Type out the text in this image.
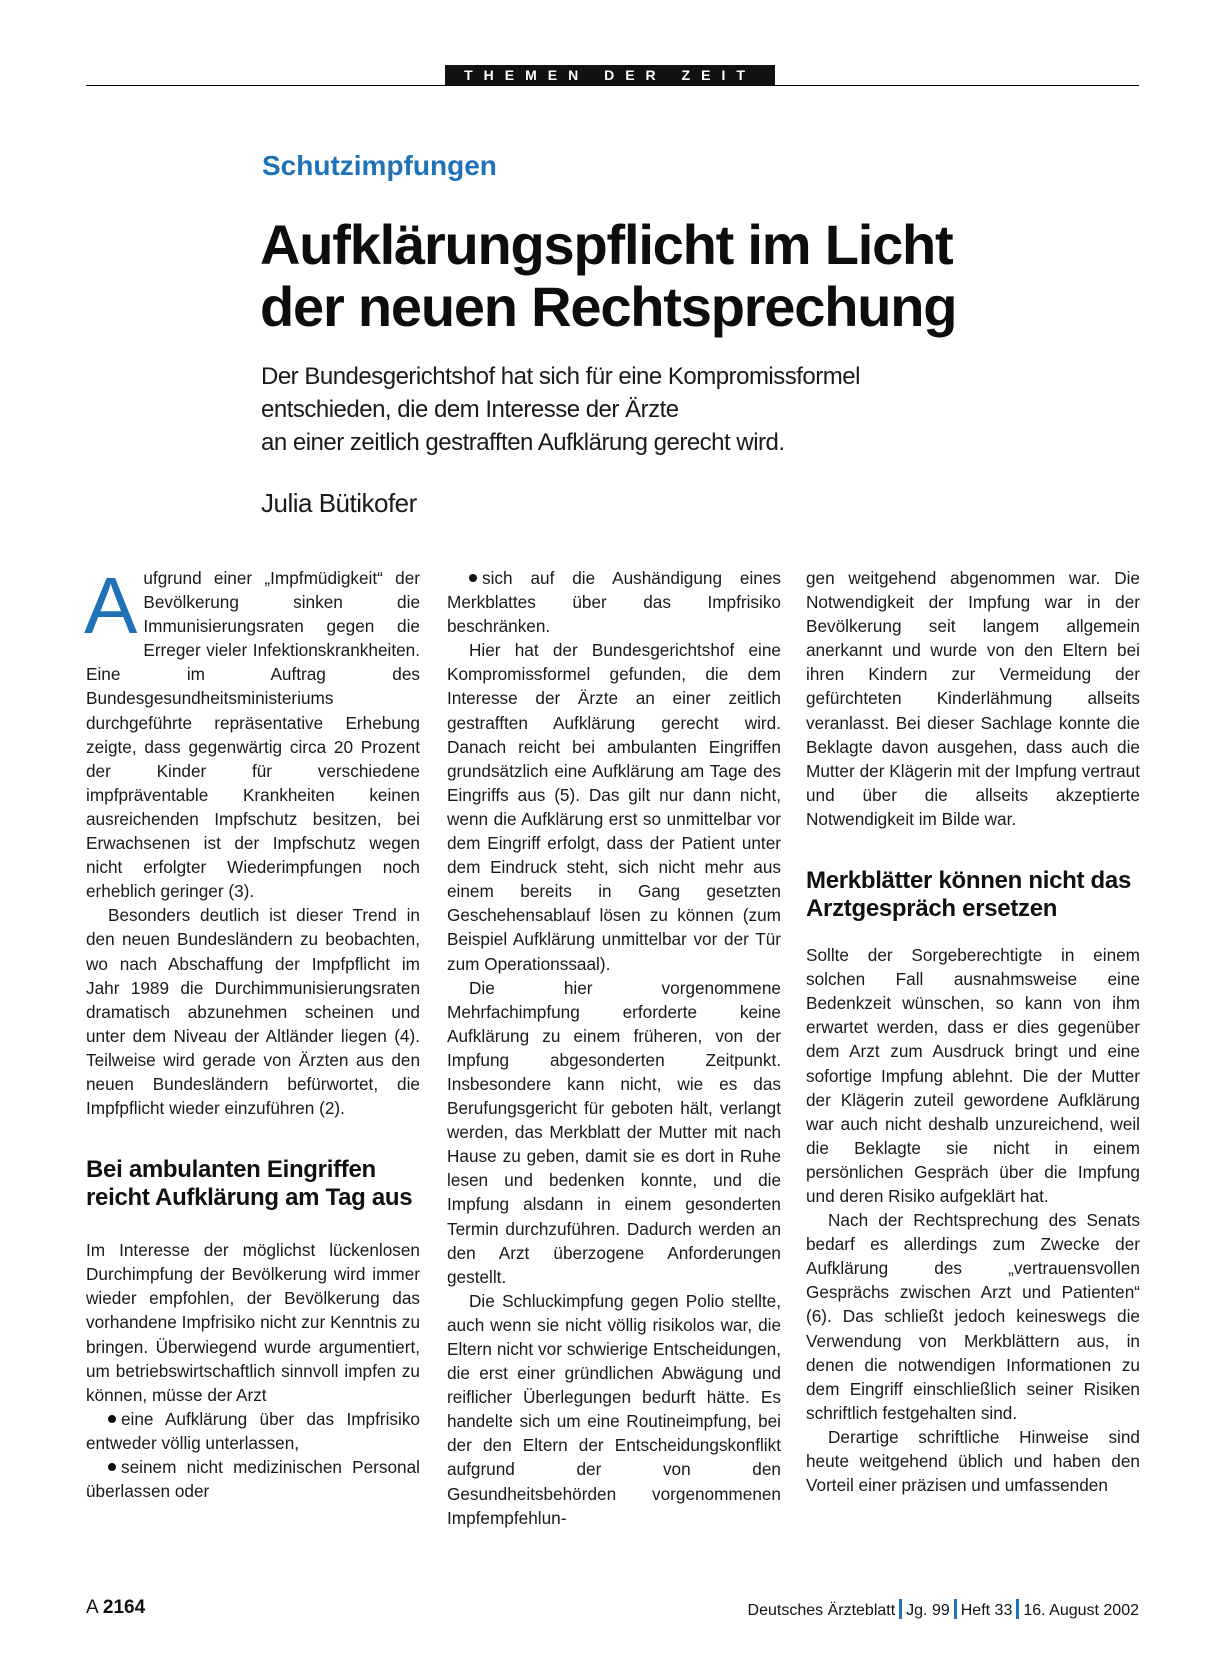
THEMEN DER ZEIT
Schutzimpfungen
Aufklärungspflicht im Licht
der neuen Rechtsprechung

Der Bundesgerichtshof hat sich für eine Kompromissformel
entschieden, die dem Interesse der Ärzte
an einer zeitlich gestrafften Aufklärung gerecht wird.

Julia Bütikofer

Aufgrund einer „Impfmüdigkeit“ der Bevölkerung sinken die Immunisierungsraten gegen die Erreger vieler Infektionskrankheiten. Eine im Auftrag des Bundesgesundheitsministeriums durchgeführte repräsentative Erhebung zeigte, dass gegenwärtig circa 20 Prozent der Kinder für verschiedene impfpräventable Krankheiten keinen ausreichenden Impfschutz besitzen, bei Erwachsenen ist der Impfschutz wegen nicht erfolgter Wiederimpfungen noch erheblich geringer (3).

Besonders deutlich ist dieser Trend in den neuen Bundesländern zu beobachten, wo nach Abschaffung der Impfpflicht im Jahr 1989 die Durchimmunisierungsraten dramatisch abzunehmen scheinen und unter dem Niveau der Altländer liegen (4). Teilweise wird gerade von Ärzten aus den neuen Bundesländern befürwortet, die Impfpflicht wieder einzuführen (2).

Bei ambulanten Eingriffen
reicht Aufklärung am Tag aus

Im Interesse der möglichst lückenlosen Durchimpfung der Bevölkerung wird immer wieder empfohlen, der Bevölkerung das vorhandene Impfrisiko nicht zur Kenntnis zu bringen. Überwiegend wurde argumentiert, um betriebswirtschaftlich sinnvoll impfen zu können, müsse der Arzt

eine Aufklärung über das Impfrisiko entweder völlig unterlassen,

seinem nicht medizinischen Personal überlassen oder

sich auf die Aushändigung eines Merkblattes über das Impfrisiko beschränken.

Hier hat der Bundesgerichtshof eine Kompromissformel gefunden, die dem Interesse der Ärzte an einer zeitlich gestrafften Aufklärung gerecht wird. Danach reicht bei ambulanten Eingriffen grundsätzlich eine Aufklärung am Tage des Eingriffs aus (5). Das gilt nur dann nicht, wenn die Aufklärung erst so unmittelbar vor dem Eingriff erfolgt, dass der Patient unter dem Eindruck steht, sich nicht mehr aus einem bereits in Gang gesetzten Geschehensablauf lösen zu können (zum Beispiel Aufklärung unmittelbar vor der Tür zum Operationssaal).

Die hier vorgenommene Mehrfachimpfung erforderte keine Aufklärung zu einem früheren, von der Impfung abgesonderten Zeitpunkt. Insbesondere kann nicht, wie es das Berufungsgericht für geboten hält, verlangt werden, das Merkblatt der Mutter mit nach Hause zu geben, damit sie es dort in Ruhe lesen und bedenken konnte, und die Impfung alsdann in einem gesonderten Termin durchzuführen. Dadurch werden an den Arzt überzogene Anforderungen gestellt.

Die Schluckimpfung gegen Polio stellte, auch wenn sie nicht völlig risikolos war, die Eltern nicht vor schwierige Entscheidungen, die erst einer gründlichen Abwägung und reiflicher Überlegungen bedurft hätte. Es handelte sich um eine Routineimpfung, bei der den Eltern der Entscheidungskonflikt aufgrund der von den Gesundheitsbehörden vorgenommenen Impfempfehlun-

gen weitgehend abgenommen war. Die Notwendigkeit der Impfung war in der Bevölkerung seit langem allgemein anerkannt und wurde von den Eltern bei ihren Kindern zur Vermeidung der gefürchteten Kinderlähmung allseits veranlasst. Bei dieser Sachlage konnte die Beklagte davon ausgehen, dass auch die Mutter der Klägerin mit der Impfung vertraut und über die allseits akzeptierte Notwendigkeit im Bilde war.

Merkblätter können nicht das
Arztgespräch ersetzen

Sollte der Sorgeberechtigte in einem solchen Fall ausnahmsweise eine Bedenkzeit wünschen, so kann von ihm erwartet werden, dass er dies gegenüber dem Arzt zum Ausdruck bringt und eine sofortige Impfung ablehnt. Die der Mutter der Klägerin zuteil gewordene Aufklärung war auch nicht deshalb unzureichend, weil die Beklagte sie nicht in einem persönlichen Gespräch über die Impfung und deren Risiko aufgeklärt hat.

Nach der Rechtsprechung des Senats bedarf es allerdings zum Zwecke der Aufklärung des „vertrauensvollen Gesprächs zwischen Arzt und Patienten“ (6). Das schließt jedoch keineswegs die Verwendung von Merkblättern aus, in denen die notwendigen Informationen zu dem Eingriff einschließlich seiner Risiken schriftlich festgehalten sind.

Derartige schriftliche Hinweise sind heute weitgehend üblich und haben den Vorteil einer präzisen und umfassenden

A 2164	Deutsches Ärzteblatt Jg. 99 Heft 33 16. August 2002
